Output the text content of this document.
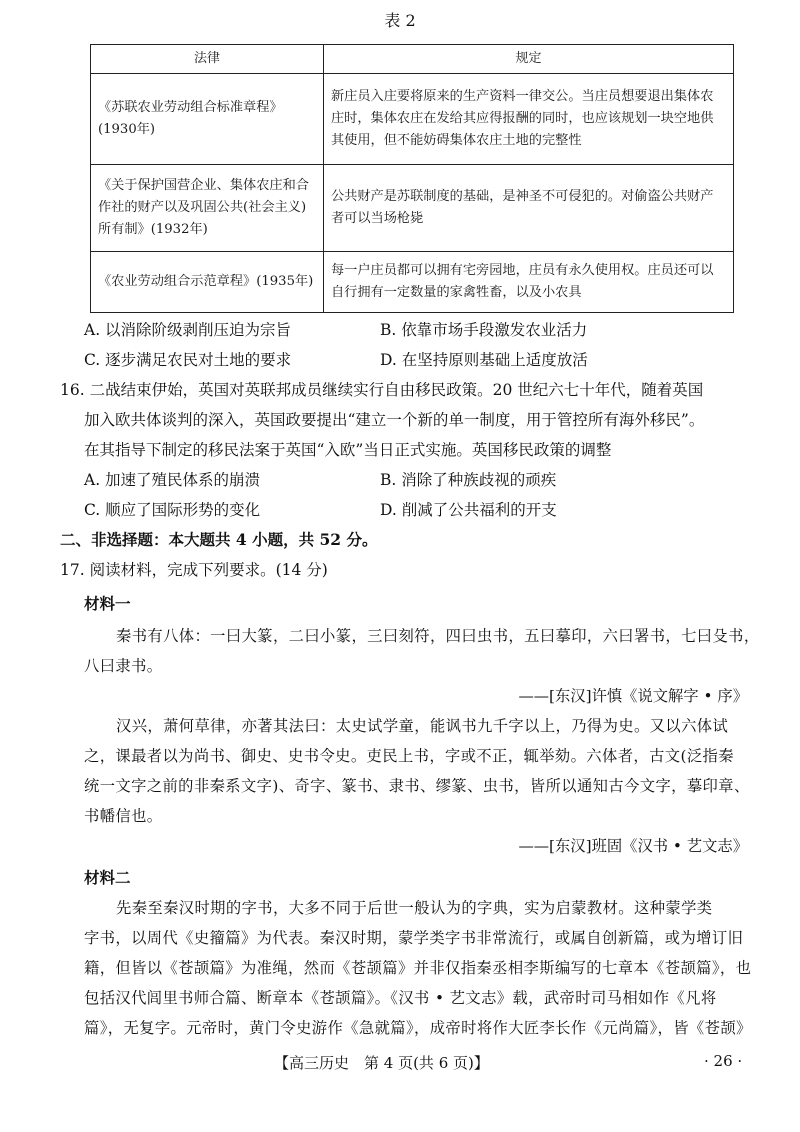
表 2
法律	规定
《苏联农业劳动组合标准章程》(1930年)	新庄员入庄要将原来的生产资料一律交公。当庄员想要退出集体农庄时，集体农庄在发给其应得报酬的同时，也应该规划一块空地供其使用，但不能妨碍集体农庄土地的完整性
《关于保护国营企业、集体农庄和合作社的财产以及巩固公共(社会主义)所有制》(1932年)	公共财产是苏联制度的基础，是神圣不可侵犯的。对偷盗公共财产者可以当场枪毙
《农业劳动组合示范章程》(1935年)	每一户庄员都可以拥有宅旁园地，庄员有永久使用权。庄员还可以自行拥有一定数量的家禽牲畜，以及小农具
A. 以消除阶级剥削压迫为宗旨	B. 依靠市场手段激发农业活力
C. 逐步满足农民对土地的要求	D. 在坚持原则基础上适度放活
16. 二战结束伊始，英国对英联邦成员继续实行自由移民政策。20 世纪六七十年代，随着英国
加入欧共体谈判的深入，英国政要提出“建立一个新的单一制度，用于管控所有海外移民”。
在其指导下制定的移民法案于英国“入欧”当日正式实施。英国移民政策的调整
A. 加速了殖民体系的崩溃	B. 消除了种族歧视的顽疾
C. 顺应了国际形势的变化	D. 削减了公共福利的开支
二、非选择题：本大题共 4 小题，共 52 分。
17. 阅读材料，完成下列要求。(14 分)
材料一
秦书有八体：一曰大篆，二曰小篆，三曰刻符，四曰虫书，五曰摹印，六曰署书，七曰殳书，
八曰隶书。
——[东汉]许慎《说文解字 • 序》
汉兴，萧何草律，亦著其法曰：太史试学童，能讽书九千字以上，乃得为史。又以六体试
之，课最者以为尚书、御史、史书令史。吏民上书，字或不正，辄举劾。六体者，古文(泛指秦
统一文字之前的非秦系文字)、奇字、篆书、隶书、缪篆、虫书，皆所以通知古今文字，摹印章、
书幡信也。
——[东汉]班固《汉书 • 艺文志》
材料二
先秦至秦汉时期的字书，大多不同于后世一般认为的字典，实为启蒙教材。这种蒙学类
字书，以周代《史籀篇》为代表。秦汉时期，蒙学类字书非常流行，或属自创新篇，或为增订旧
籍，但皆以《苍颉篇》为准绳，然而《苍颉篇》并非仅指秦丞相李斯编写的七章本《苍颉篇》，也
包括汉代闾里书师合篇、断章本《苍颉篇》。《汉书 • 艺文志》载，武帝时司马相如作《凡将
篇》，无复字。元帝时，黄门令史游作《急就篇》，成帝时将作大匠李长作《元尚篇》，皆《苍颉》
【高三历史　第 4 页(共 6 页)】	· 26 ·
